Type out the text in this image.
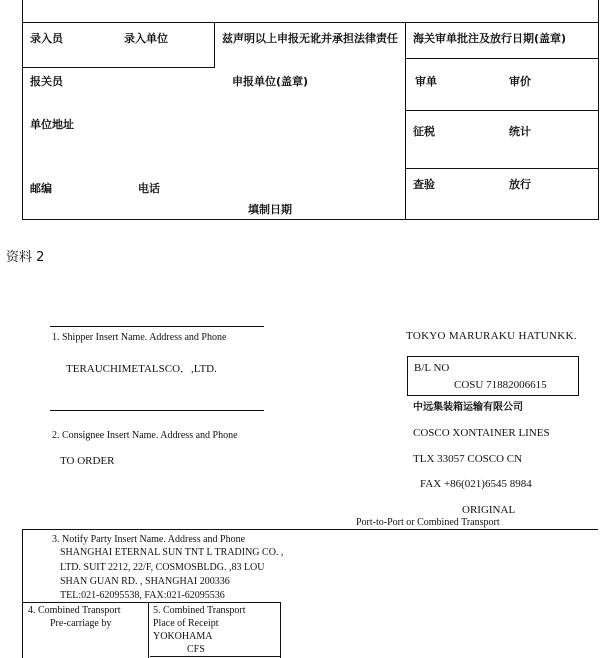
录入员	录入单位	兹声明以上申报无讹并承担法律责任 海关审单批注及放行日期(盖章)
报关员	申报单位(盖章)	审单	审价
单位地址
征税	统计
邮编	电话	查验	放行
填制日期
资料 2
1. Shipper Insert Name. Address and Phone
TERAUCHIMETALSCO．,LTD.
2. Consignee Insert Name. Address and Phone
TO ORDER
TOKYO MARURAKU HATUNKK.
B/L NO
COSU 71882006615
中远集装箱运输有限公司
COSCO XONTAINER LINES
TLX 33057 COSCO CN
FAX +86(021)6545 8984
ORIGINAL
Port-to-Port or Combined Transport
3. Notify Party Insert Name. Address and Phone
SHANGHAI ETERNAL SUN TNT L TRADING CO. ,
LTD. SUIT 2212, 22/F, COSMOSBLDG. ,83 LOU
SHAN GUAN RD. , SHANGHAI 200336
TEL:021-62095538, FAX:021-62095536
4. Combined Transport
Pre-carriage by
5. Combined Transport
Place of Receipt
YOKOHAMA
CFS
